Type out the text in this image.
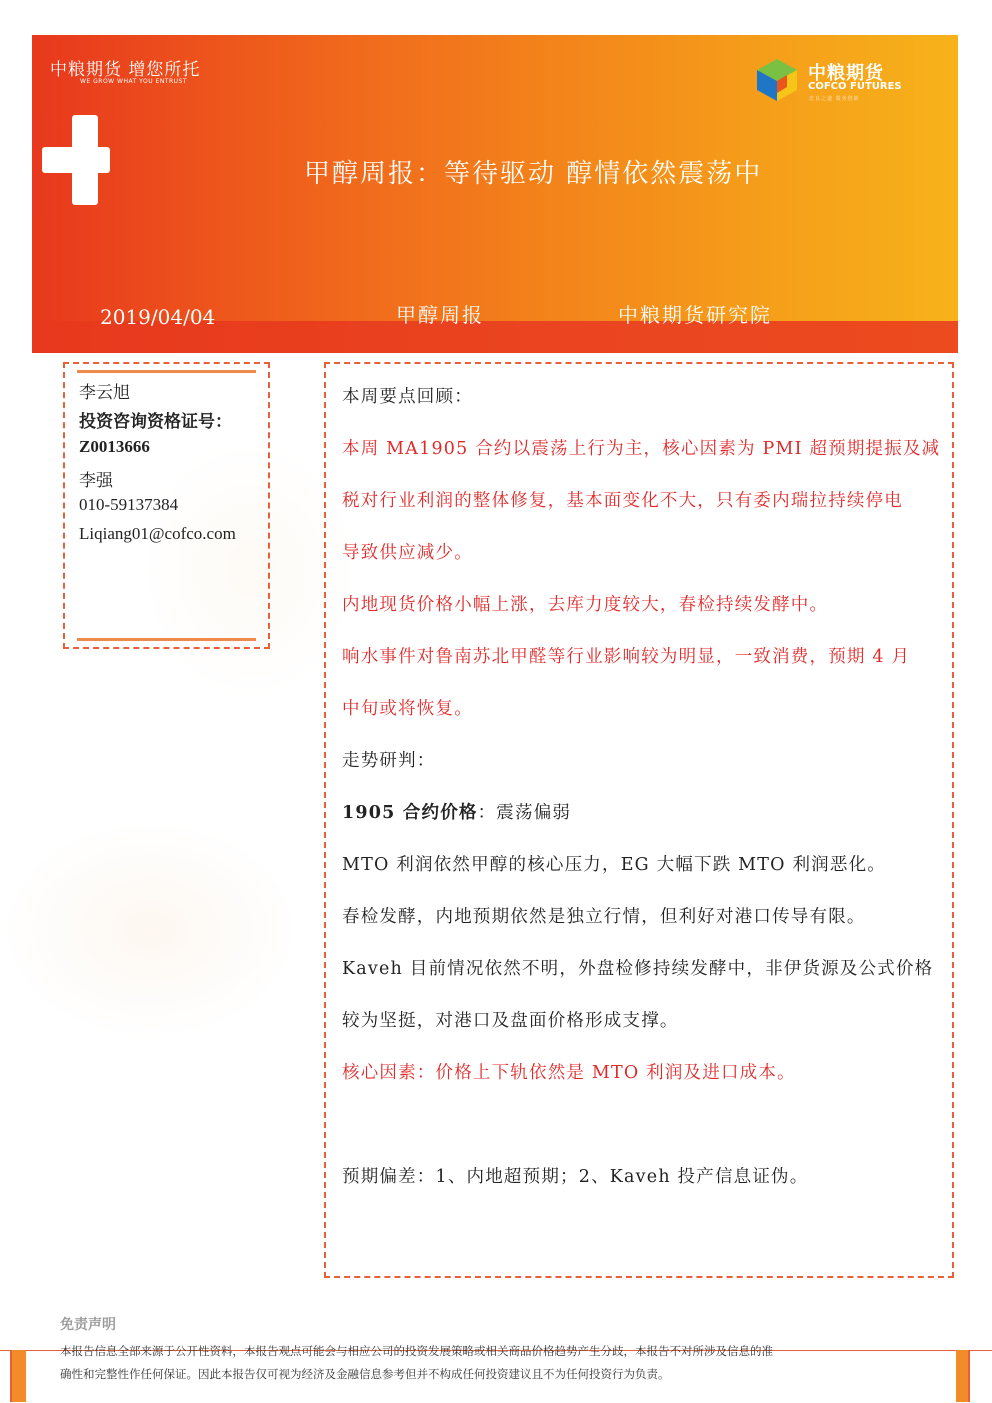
中粮期货 增您所托
WE GROW WHAT YOU ENTRUST	中粮期货
COFCO FUTURES
忠良之道 服务创新
甲醇周报：等待驱动 醇情依然震荡中
2019/04/04	甲醇周报	中粮期货研究院
李云旭
投资咨询资格证号：
Z0013666
李强
010-59137384
Liqiang01@cofco.com
本周要点回顾：
本周 MA1905 合约以震荡上行为主，核心因素为 PMI 超预期提振及减
税对行业利润的整体修复，基本面变化不大，只有委内瑞拉持续停电
导致供应减少。
内地现货价格小幅上涨，去库力度较大，春检持续发酵中。
响水事件对鲁南苏北甲醛等行业影响较为明显，一致消费，预期 4 月
中旬或将恢复。
走势研判：
1905 合约价格：震荡偏弱
MTO 利润依然甲醇的核心压力，EG 大幅下跌 MTO 利润恶化。
春检发酵，内地预期依然是独立行情，但利好对港口传导有限。
Kaveh 目前情况依然不明，外盘检修持续发酵中，非伊货源及公式价格
较为坚挺，对港口及盘面价格形成支撑。
核心因素：价格上下轨依然是 MTO 利润及进口成本。
预期偏差：1、内地超预期；2、Kaveh 投产信息证伪。
免责声明
本报告信息全部来源于公开性资料，本报告观点可能会与相应公司的投资发展策略或相关商品价格趋势产生分歧，本报告不对所涉及信息的准
确性和完整性作任何保证。因此本报告仅可视为经济及金融信息参考但并不构成任何投资建议且不为任何投资行为负责。
